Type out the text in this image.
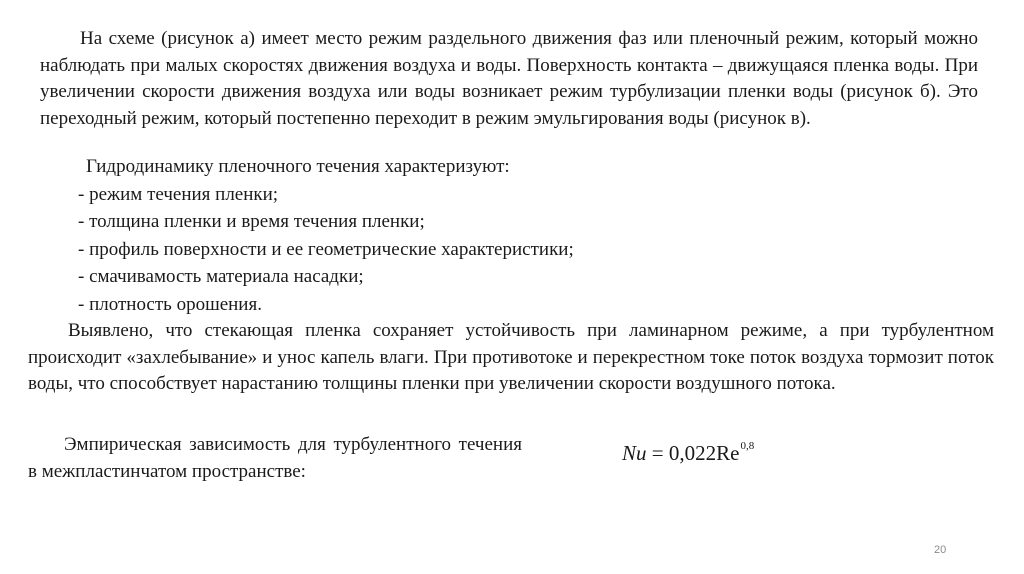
На схеме (рисунок а) имеет место режим раздельного движения фаз или пленочный режим, который можно наблюдать при малых скоростях движения воздуха и воды. Поверхность контакта – движущаяся пленка воды. При увеличении скорости движения воздуха или воды возникает режим турбулизации пленки воды (рисунок б). Это переходный режим, который постепенно переходит в режим эмульгирования воды (рисунок в).

Гидродинамику пленочного течения характеризуют:
- режим течения пленки;
- толщина пленки и время течения пленки;
- профиль поверхности и ее геометрические характеристики;
- смачивамость материала насадки;
- плотность орошения.

Выявлено, что стекающая пленка сохраняет устойчивость при ламинарном режиме, а при турбулентном происходит «захлебывание» и унос капель влаги. При противотоке и перекрестном токе поток воздуха тормозит поток воды, что способствует нарастанию толщины пленки при увеличении скорости воздушного потока.

Эмпирическая зависимость для турбулентного течения в межпластинчатом пространстве:

Nu = 0,022Re$^{0,8}$
20
